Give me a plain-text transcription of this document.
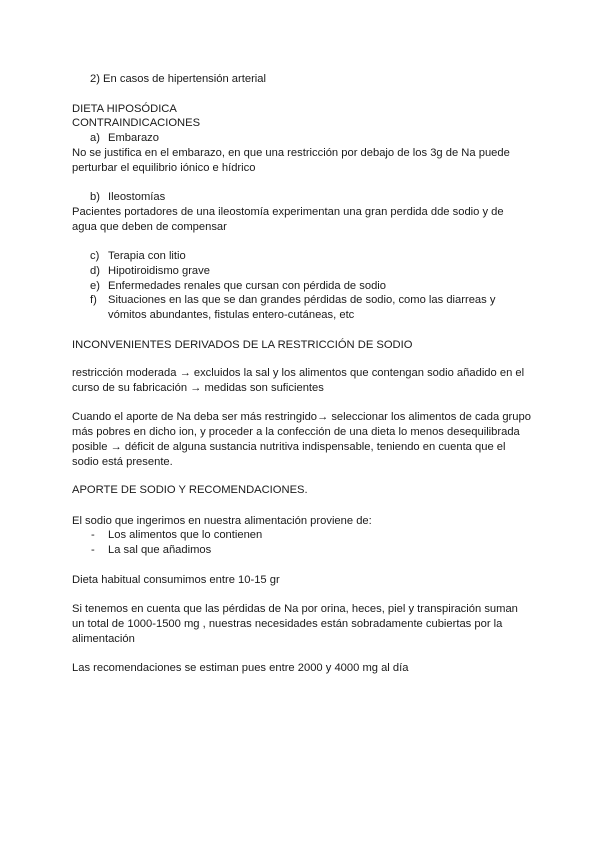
2) En casos de hipertensión arterial

DIETA HIPOSÓDICA

CONTRAINDICACIONES

a) Embarazo
No se justifica en el embarazo, en que una restricción por debajo de los 3g de Na puede
perturbar el equilibrio iónico e hídrico
b) Ileostomías
Pacientes portadores de una ileostomía experimentan una gran perdida dde sodio y de
agua que deben de compensar
c) Terapia con litio
d) Hipotiroidismo grave
e) Enfermedades renales que cursan con pérdida de sodio
f) Situaciones en las que se dan grandes pérdidas de sodio, como las diarreas y
vómitos abundantes, fistulas entero-cutáneas, etc

INCONVENIENTES DERIVADOS DE LA RESTRICCIÓN DE SODIO

restricción moderada → excluidos la sal y los alimentos que contengan sodio añadido en el
curso de su fabricación → medidas son suficientes
Cuando el aporte de Na deba ser más restringido→ seleccionar los alimentos de cada grupo
más pobres en dicho ion, y proceder a la confección de una dieta lo menos desequilibrada
posible → déficit de alguna sustancia nutritiva indispensable, teniendo en cuenta que el
sodio está presente.

APORTE DE SODIO Y RECOMENDACIONES.

El sodio que ingerimos en nuestra alimentación proviene de:

- Los alimentos que lo contienen
- La sal que añadimos

Dieta habitual consumimos entre 10-15 gr

Si tenemos en cuenta que las pérdidas de Na por orina, heces, piel y transpiración suman
un total de 1000-1500 mg , nuestras necesidades están sobradamente cubiertas por la
alimentación

Las recomendaciones se estiman pues entre 2000 y 4000 mg al día
